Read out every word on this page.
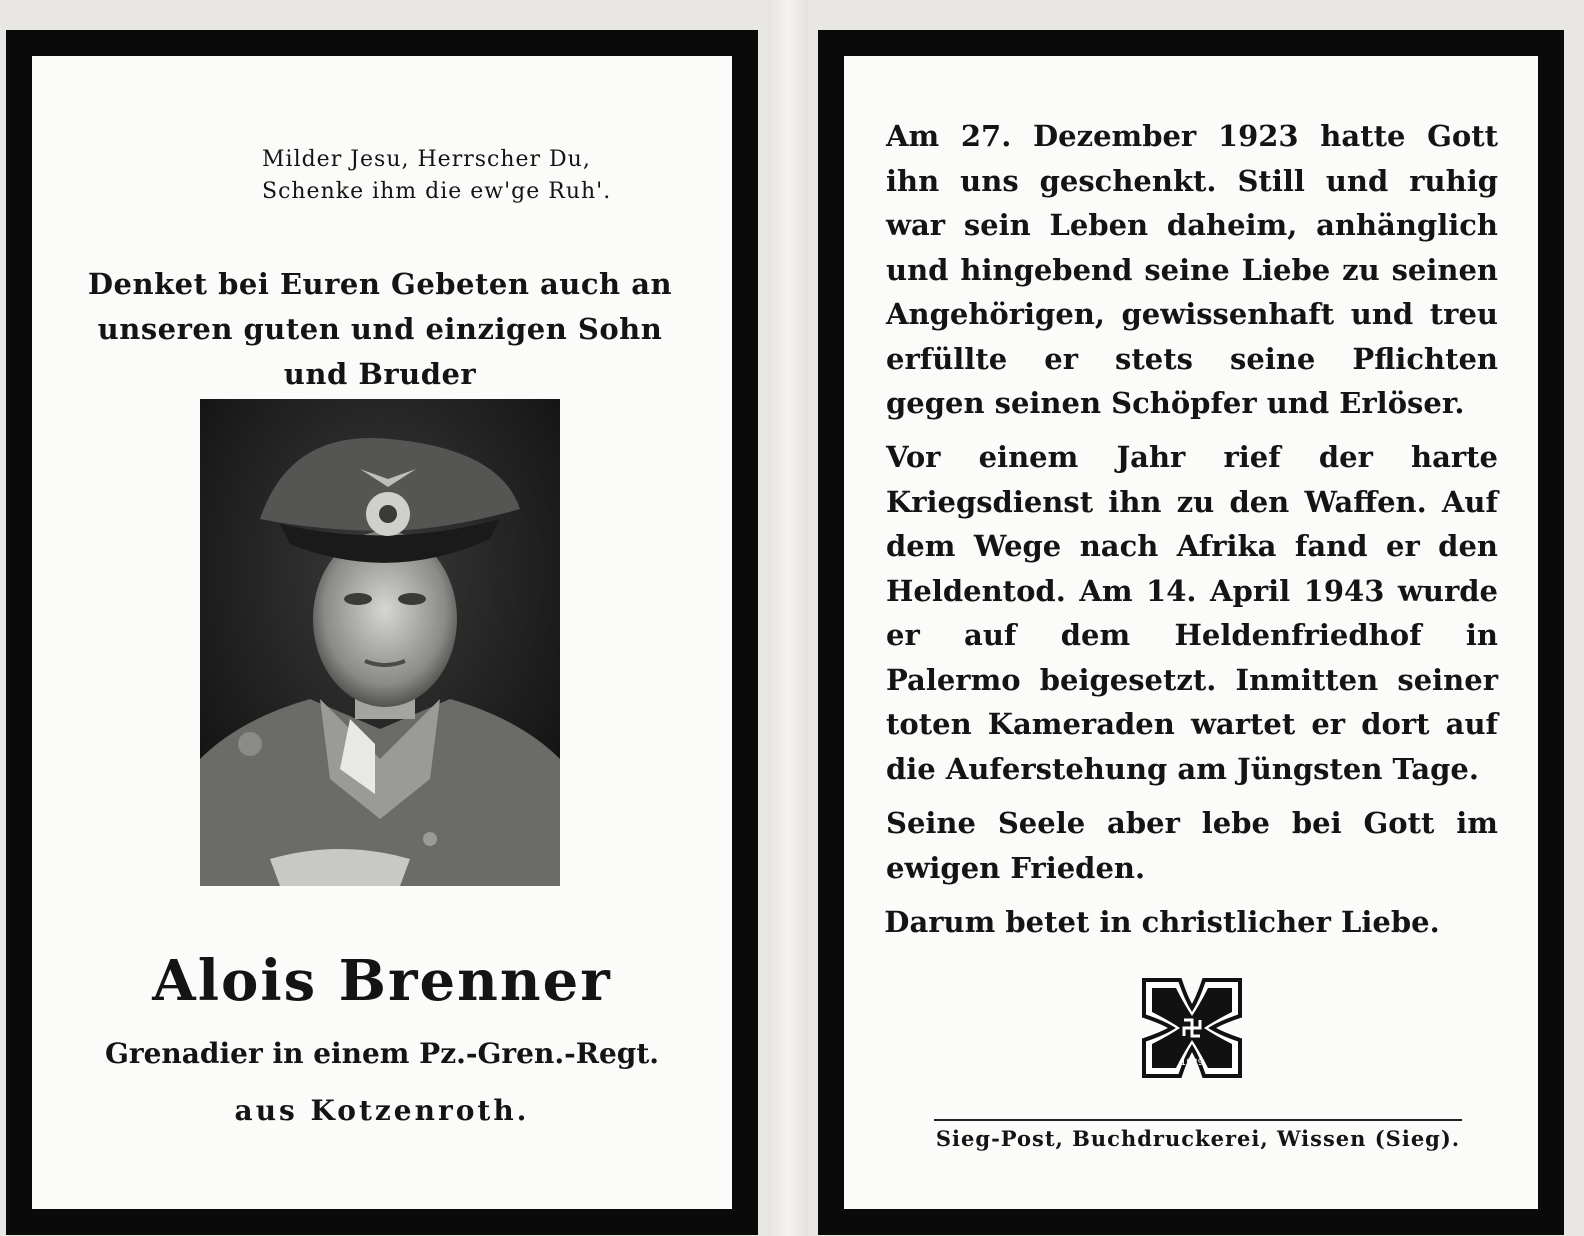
Milder Jesu, Herrscher Du,
Schenke ihm die ew'ge Ruh'.
Denket bei Euren Gebeten auch an unseren guten und einzigen Sohn und Bruder
Alois Brenner
Grenadier in einem Pz.-Gren.-Regt.
aus Kotzenroth.

Am 27. Dezember 1923 hatte Gott ihn uns geschenkt. Still und ruhig war sein Leben daheim, anhänglich und hingebend seine Liebe zu seinen Angehörigen, gewissenhaft und treu erfüllte er stets seine Pflichten gegen seinen Schöpfer und Erlöser.

Vor einem Jahr rief der harte Kriegsdienst ihn zu den Waffen. Auf dem Wege nach Afrika fand er den Heldentod. Am 14. April 1943 wurde er auf dem Heldenfriedhof in Palermo beigesetzt. Inmitten seiner toten Kameraden wartet er dort auf die Auferstehung am Jüngsten Tage.

Seine Seele aber lebe bei Gott im ewigen Frieden.

Darum betet in christlicher Liebe.
1939
Sieg-Post, Buchdruckerei, Wissen (Sieg).
